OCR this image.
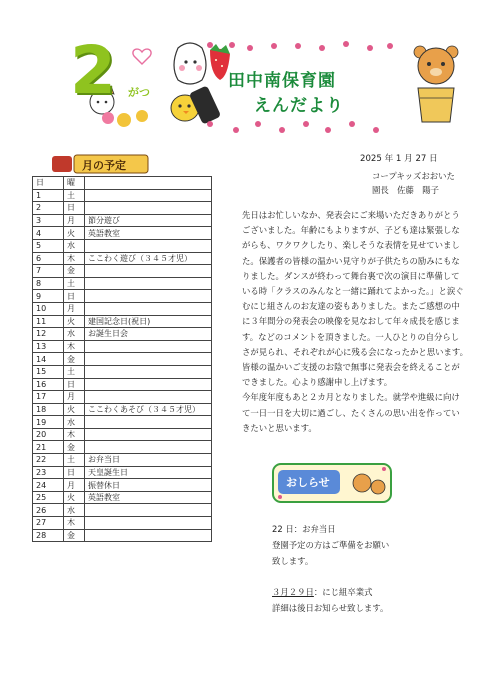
2 がつ
田中南保育園
えんだより
月の予定
日	曜	
1	土	
2	日	
3	月	節分遊び
4	火	英語教室
5	水	
6	木	ここわく遊び（３４５才児）
7	金	
8	土	
9	日	
10	月	
11	火	建国記念日(祝日)
12	水	お誕生日会
13	木	
14	金	
15	土	
16	日	
17	月	
18	火	ここわくあそび（３４５才児）
19	水	
20	木	
21	金	
22	土	お弁当日
23	日	天皇誕生日
24	月	振替休日
25	火	英語教室
26	水	
27	木	
28	金	
2025 年 1 月 27 日
コープキッズおおいた
園長　佐藤　陽子

先日はお忙しいなか、発表会にご来場いただきありがとう

ございました。年齢にもよりますが、子ども達は緊張しな

がらも、ワクワクしたり、楽しそうな表情を見せていまし

た。保護者の皆様の温かい見守りが子供たちの励みにもな

りました。ダンスが終わって舞台裏で次の演目に準備して

いる時「クラスのみんなと一緒に踊れてよかった。」と涙ぐ

むにじ組さんのお友達の姿もありました。またご感想の中

に３年間分の発表会の映像を見なおして年々成長を感じま

す。などのコメントを頂きました。一人ひとりの自分らし

さが見られ、それぞれが心に残る会になったかと思います。

皆様の温かいご支援のお陰で無事に発表会を終えることが

できました。心より感謝申し上げます。

今年度年度もあと２カ月となりました。就学や進級に向け

て一日一日を大切に過ごし、たくさんの思い出を作ってい

きたいと思います。

おしらせ
22 日：お弁当日
登園予定の方はご準備をお願い
致します。
３月２９日：にじ組卒業式
詳細は後日お知らせ致します。
